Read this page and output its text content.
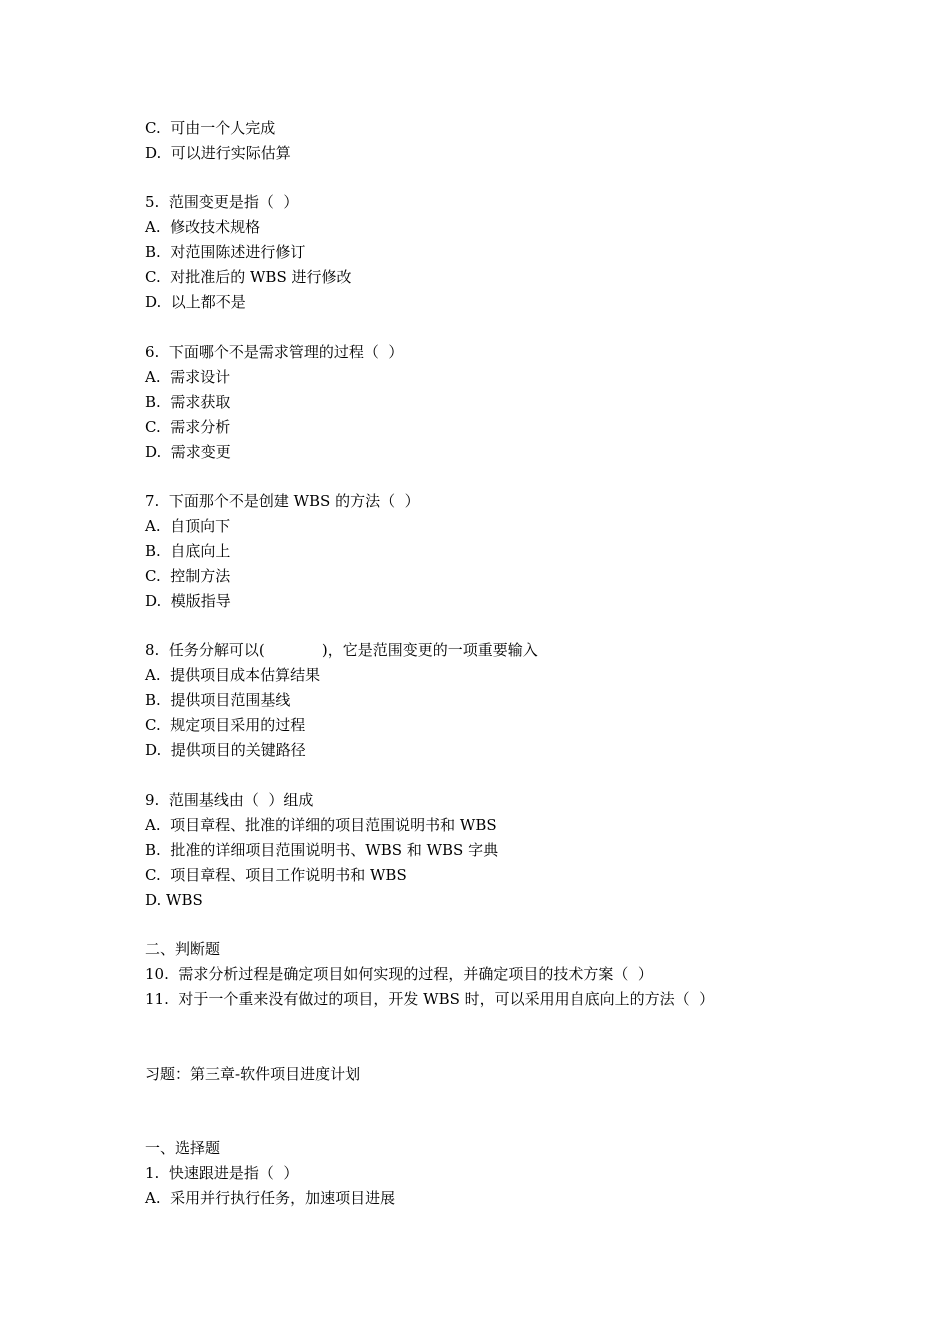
C.  可由一个人完成
D.  可以进行实际估算
5.  范围变更是指（  ）
A.  修改技术规格
B.  对范围陈述进行修订
C.  对批准后的 WBS 进行修改
D.  以上都不是
6.  下面哪个不是需求管理的过程（  ）
A.  需求设计
B.  需求获取
C.  需求分析
D.  需求变更
7.  下面那个不是创建 WBS 的方法（  ）
A.  自顶向下
B.  自底向上
C.  控制方法
D.  模版指导
8.  任务分解可以(            )，它是范围变更的一项重要输入
A.  提供项目成本估算结果
B.  提供项目范围基线
C.  规定项目采用的过程
D.  提供项目的关键路径
9.  范围基线由（  ）组成
A.  项目章程、批准的详细的项目范围说明书和 WBS
B.  批准的详细项目范围说明书、WBS 和 WBS 字典
C.  项目章程、项目工作说明书和 WBS
D. WBS
二、判断题
10.  需求分析过程是确定项目如何实现的过程，并确定项目的技术方案（  ）
11.  对于一个重来没有做过的项目，开发 WBS 时，可以采用用自底向上的方法（  ）
习题：第三章-软件项目进度计划
一、选择题
1.  快速跟进是指（  ）
A.  采用并行执行任务，加速项目进展
